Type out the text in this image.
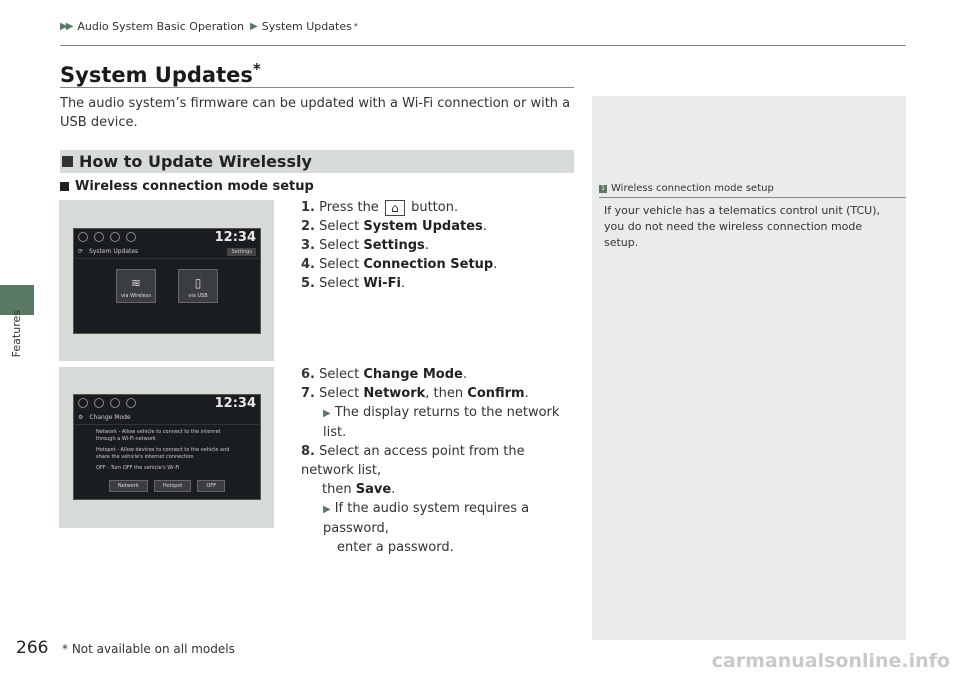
▶▶ Audio System Basic Operation ▶ System Updates *
Features
System Updates*
The audio system’s firmware can be updated with a Wi-Fi connection or with a USB device.
How to Update Wirelessly
Wireless connection mode setup
12:34
⟳ System Updates	Settings
≋
via Wireless
▯
via USB
1. Press the ⌂ button.
2. Select System Updates.
3. Select Settings.
4. Select Connection Setup.
5. Select Wi-Fi.
12:34
⚙ Change Mode

Network - Allow vehicle to connect to the internet through a Wi-Fi network

Hotspot - Allow devices to connect to the vehicle and share the vehicle's internet connection

OFF - Turn OFF the vehicle's Wi-Fi

Network	Hotspot	OFF
6. Select Change Mode.
7. Select Network, then Confirm.
▶ The display returns to the network list.
8. Select an access point from the network list,
then Save.
▶ If the audio system requires a password,
enter a password.
1 Wireless connection mode setup
If your vehicle has a telematics control unit (TCU), you do not need the wireless connection mode setup.
266 * Not available on all models
carmanualsonline.info
